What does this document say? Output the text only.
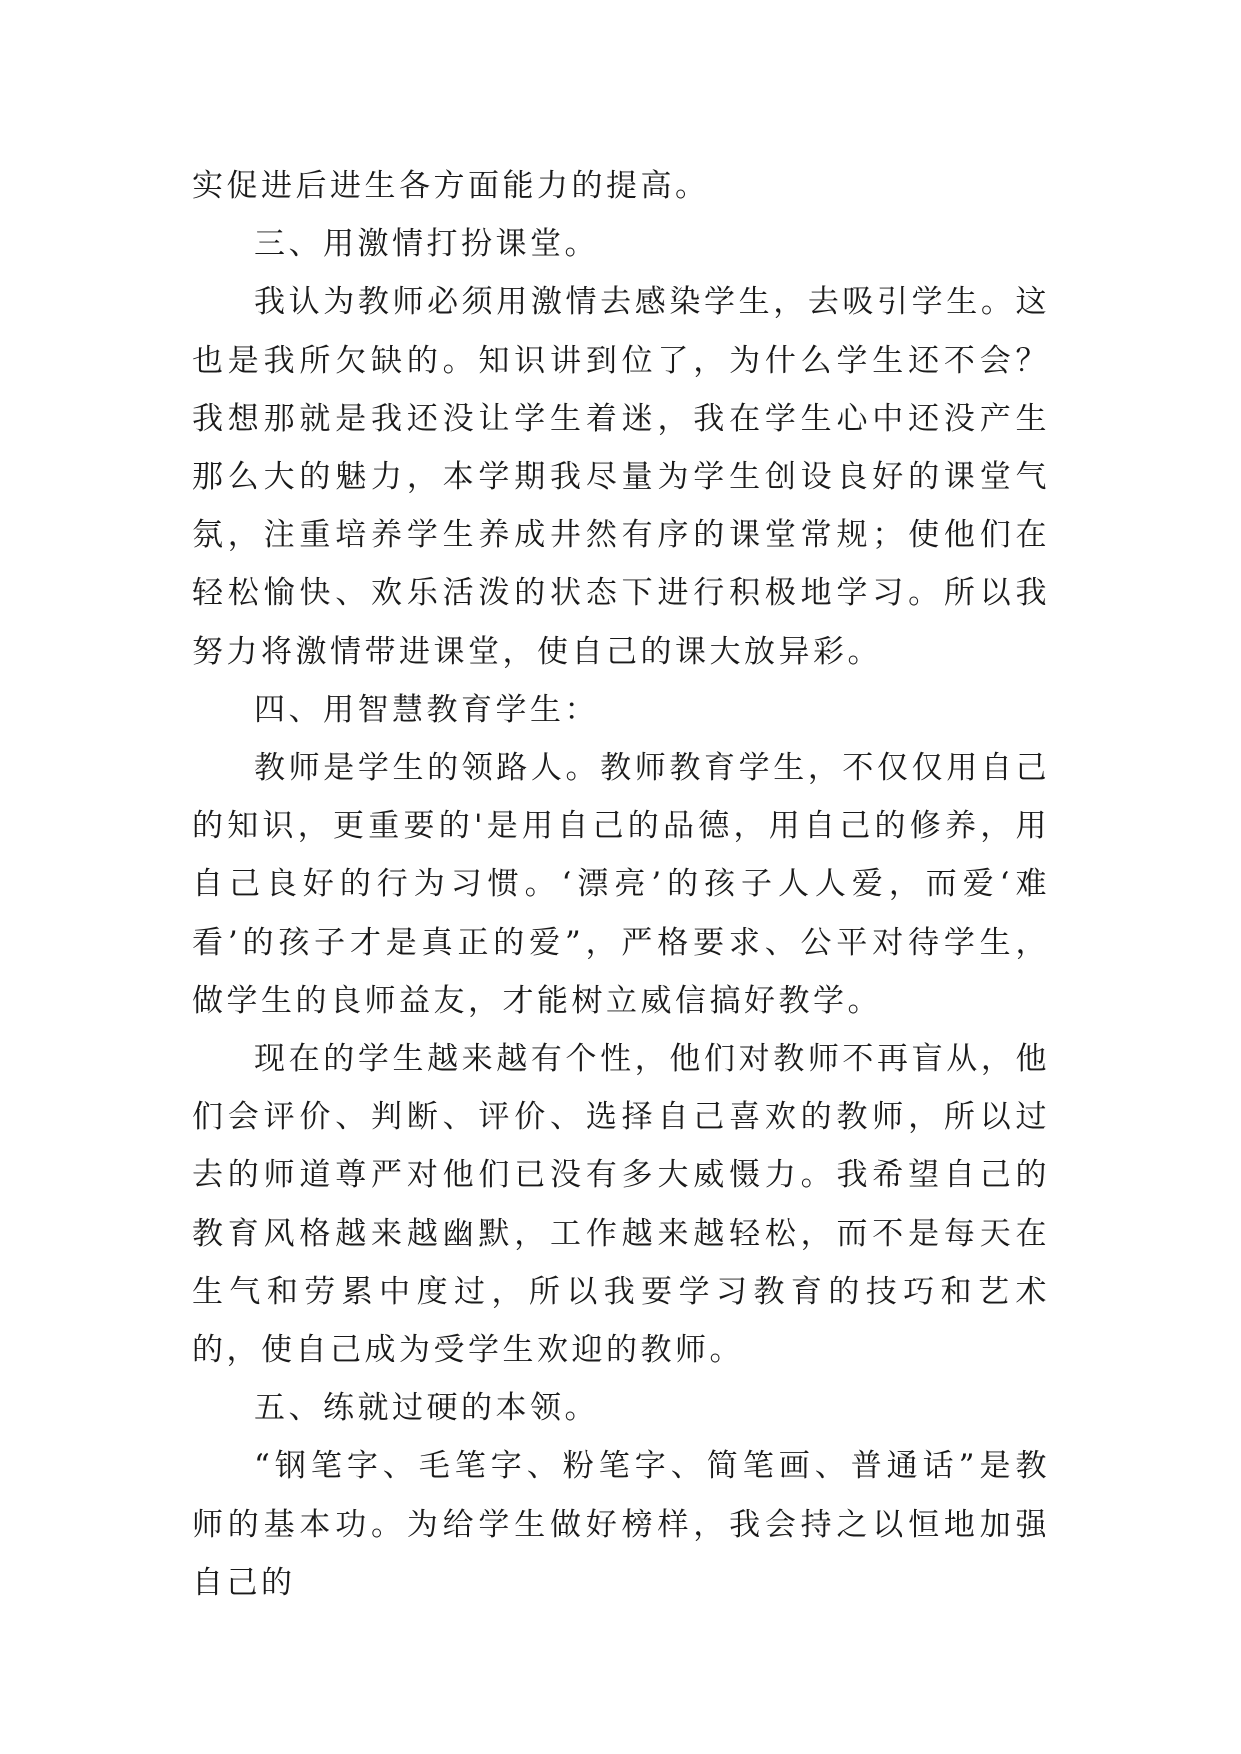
实促进后进生各方面能力的提高。

三、用激情打扮课堂。

我认为教师必须用激情去感染学生，去吸引学生。这也是我所欠缺的。知识讲到位了，为什么学生还不会？我想那就是我还没让学生着迷，我在学生心中还没产生那么大的魅力，本学期我尽量为学生创设良好的课堂气氛，注重培养学生养成井然有序的课堂常规；使他们在轻松愉快、欢乐活泼的状态下进行积极地学习。所以我努力将激情带进课堂，使自己的课大放异彩。

四、用智慧教育学生：

教师是学生的领路人。教师教育学生，不仅仅用自己的知识，更重要的'是用自己的品德，用自己的修养，用自己良好的行为习惯。‘漂亮’的孩子人人爱，而爱‘难看’的孩子才是真正的爱”，严格要求、公平对待学生，做学生的良师益友，才能树立威信搞好教学。

现在的学生越来越有个性，他们对教师不再盲从，他们会评价、判断、评价、选择自己喜欢的教师，所以过去的师道尊严对他们已没有多大威慑力。我希望自己的教育风格越来越幽默，工作越来越轻松，而不是每天在生气和劳累中度过，所以我要学习教育的技巧和艺术的，使自己成为受学生欢迎的教师。

五、练就过硬的本领。

“钢笔字、毛笔字、粉笔字、简笔画、普通话”是教师的基本功。为给学生做好榜样，我会持之以恒地加强自己的
